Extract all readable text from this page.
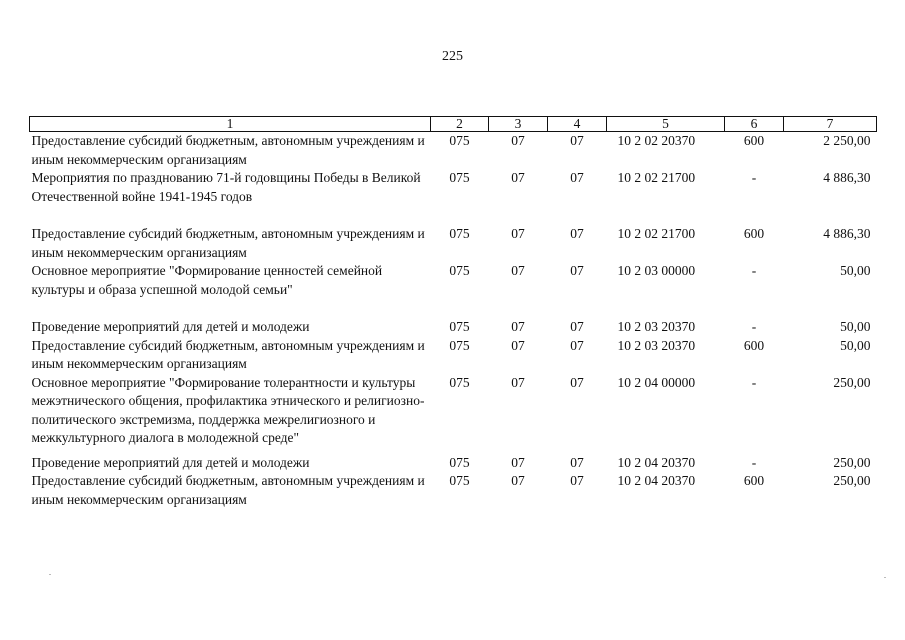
225
1	2	3	4	5	6	7
Предоставление субсидий бюджетным, автономным учреждениям и иным некоммерческим организациям	075	07	07	10 2 02 20370	600	2 250,00
Мероприятия по празднованию 71-й годовщины Победы в Великой Отечественной войне 1941-1945 годов	075	07	07	10 2 02 21700	-	4 886,30

Предоставление субсидий бюджетным, автономным учреждениям и иным некоммерческим организациям	075	07	07	10 2 02 21700	600	4 886,30
Основное мероприятие "Формирование ценностей семейной культуры и образа успешной молодой семьи"	075	07	07	10 2 03 00000	-	50,00

Проведение мероприятий для детей и молодежи	075	07	07	10 2 03 20370	-	50,00
Предоставление субсидий бюджетным, автономным учреждениям и иным некоммерческим организациям	075	07	07	10 2 03 20370	600	50,00
Основное мероприятие "Формирование толерантности и культуры межэтнического общения, профилактика этнического и религиозно-политического экстремизма, поддержка межрелигиозного и межкультурного диалога в молодежной среде"	075	07	07	10 2 04 00000	-	250,00

Проведение мероприятий для детей и молодежи	075	07	07	10 2 04 20370	-	250,00
Предоставление субсидий бюджетным, автономным учреждениям и иным некоммерческим организациям	075	07	07	10 2 04 20370	600	250,00
